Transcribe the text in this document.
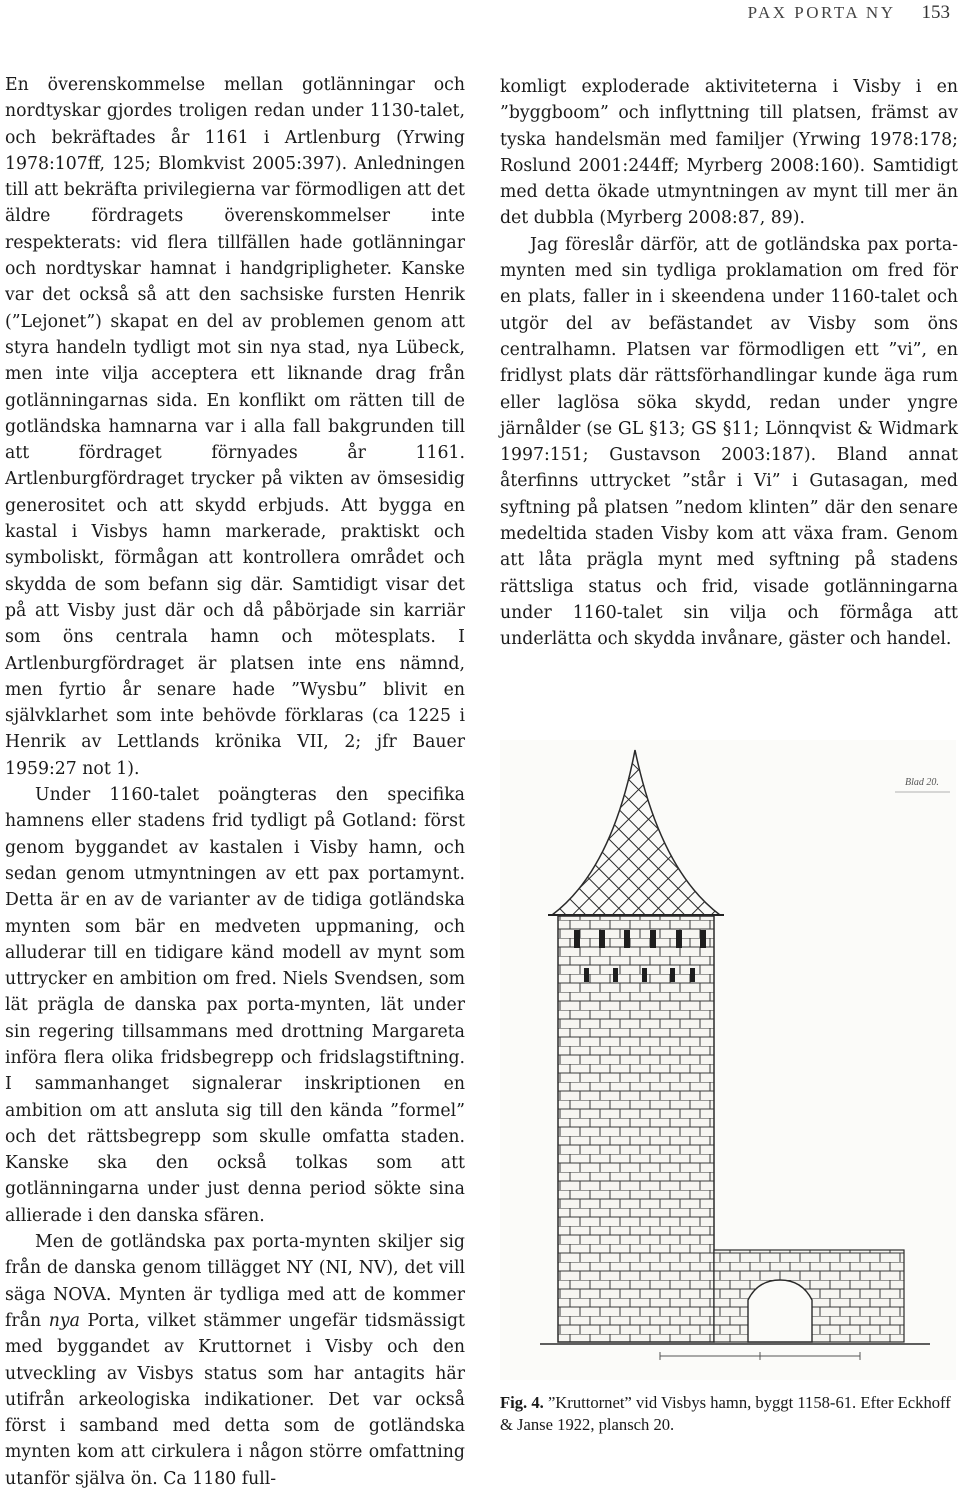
PAX PORTA NY 153

En överenskommelse mellan gotlänningar och nordtyskar gjordes troligen redan under 1130-talet, och bekräftades år 1161 i Artlenburg (Yrwing 1978:107ff, 125; Blomkvist 2005:397). Anledningen till att bekräfta privilegierna var förmodligen att det äldre fördragets överenskommelser inte respekterats: vid flera tillfällen hade gotlänningar och nordtyskar hamnat i handgripligheter. Kanske var det också så att den sachsiske fursten Henrik (”Lejonet”) skapat en del av problemen genom att styra handeln tydligt mot sin nya stad, nya Lübeck, men inte vilja acceptera ett liknande drag från gotlänningarnas sida. En konflikt om rätten till de gotländska hamnarna var i alla fall bakgrunden till att fördraget förnyades år 1161. Artlenburgfördraget trycker på vikten av ömsesidig generositet och att skydd erbjuds. Att bygga en kastal i Visbys hamn markerade, praktiskt och symboliskt, förmågan att kontrollera området och skydda de som befann sig där. Samtidigt visar det på att Visby just där och då påbörjade sin karriär som öns centrala hamn och mötesplats. I Artlenburgfördraget är platsen inte ens nämnd, men fyrtio år senare hade ”Wysbu” blivit en självklarhet som inte behövde förklaras (ca 1225 i Henrik av Lettlands krönika VII, 2; jfr Bauer 1959:27 not 1).

Under 1160-talet poängteras den specifika hamnens eller stadens frid tydligt på Gotland: först genom byggandet av kastalen i Visby hamn, och sedan genom utmyntningen av ett pax portamynt. Detta är en av de varianter av de tidiga gotländska mynten som bär en medveten uppmaning, och alluderar till en tidigare känd modell av mynt som uttrycker en ambition om fred. Niels Svendsen, som lät prägla de danska pax porta-mynten, lät under sin regering tillsammans med drottning Margareta införa flera olika fridsbegrepp och fridslagstiftning. I sammanhanget signalerar inskriptionen en ambition om att ansluta sig till den kända ”formel” och det rättsbegrepp som skulle omfatta staden. Kanske ska den också tolkas som att gotlänningarna under just denna period sökte sina allierade i den danska sfären.

Men de gotländska pax porta-mynten skiljer sig från de danska genom tillägget NY (NI, NV), det vill säga NOVA. Mynten är tydliga med att de kommer från nya Porta, vilket stämmer ungefär tidsmässigt med byggandet av Kruttornet i Visby och den utveckling av Visbys status som har antagits här utifrån arkeologiska indikationer. Det var också först i samband med detta som de gotländska mynten kom att cirkulera i någon större omfattning utanför själva ön. Ca 1180 full-

komligt exploderade aktiviteterna i Visby i en ”byggboom” och inflyttning till platsen, främst av tyska handelsmän med familjer (Yrwing 1978:178; Roslund 2001:244ff; Myrberg 2008:160). Samtidigt med detta ökade utmyntningen av mynt till mer än det dubbla (Myrberg 2008:87, 89).

Jag föreslår därför, att de gotländska pax porta-mynten med sin tydliga proklamation om fred för en plats, faller in i skeendena under 1160-talet och utgör del av befästandet av Visby som öns centralhamn. Platsen var förmodligen ett ”vi”, en fridlyst plats där rättsförhandlingar kunde äga rum eller laglösa söka skydd, redan under yngre järnålder (se GL §13; GS §11; Lönnqvist & Widmark 1997:151; Gustavson 2003:187). Bland annat återfinns uttrycket ”står i Vi” i Gutasagan, med syftning på platsen ”nedom klinten” där den senare medeltida staden Visby kom att växa fram. Genom att låta prägla mynt med syftning på stadens rättsliga status och frid, visade gotlänningarna under 1160-talet sin vilja och förmåga att underlätta och skydda invånare, gäster och handel.

Blad 20.
Fig. 4. ”Kruttornet” vid Visbys hamn, byggt 1158-61. Efter Eckhoff & Janse 1922, plansch 20.
